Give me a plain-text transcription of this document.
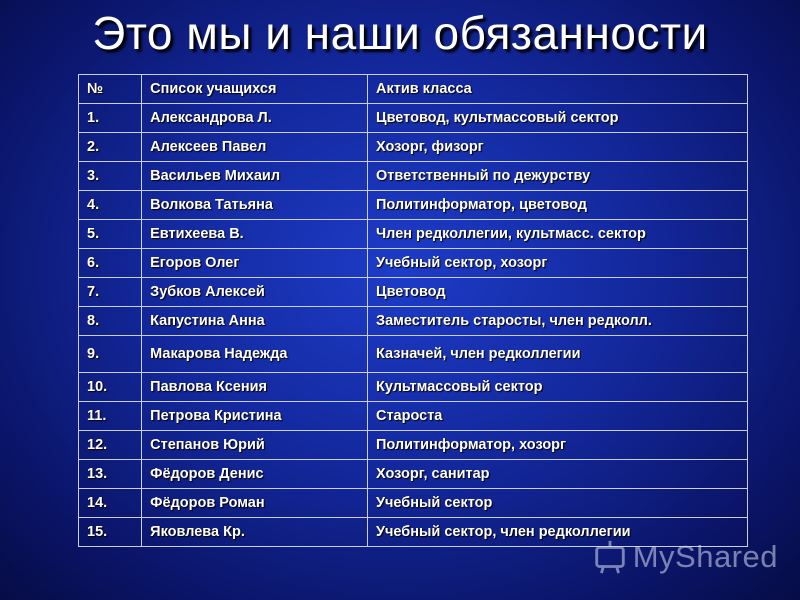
Это мы и наши обязанности
№	Список учащихся	Актив класса
1.	Александрова Л.	Цветовод, культмассовый сектор
2.	Алексеев Павел	Хозорг, физорг
3.	Васильев Михаил	Ответственный по дежурству
4.	Волкова Татьяна	Политинформатор, цветовод
5.	Евтихеева В.	Член редколлегии, культмасс. сектор
6.	Егоров Олег	Учебный сектор, хозорг
7.	Зубков Алексей	Цветовод
8.	Капустина Анна	Заместитель старосты, член редколл.
9.	Макарова Надежда	Казначей, член редколлегии
10.	Павлова Ксения	Культмассовый сектор
11.	Петрова Кристина	Староста
12.	Степанов Юрий	Политинформатор, хозорг
13.	Фёдоров Денис	Хозорг, санитар
14.	Фёдоров Роман	Учебный сектор
15.	Яковлева Кр.	Учебный сектор, член редколлегии
MyShared
